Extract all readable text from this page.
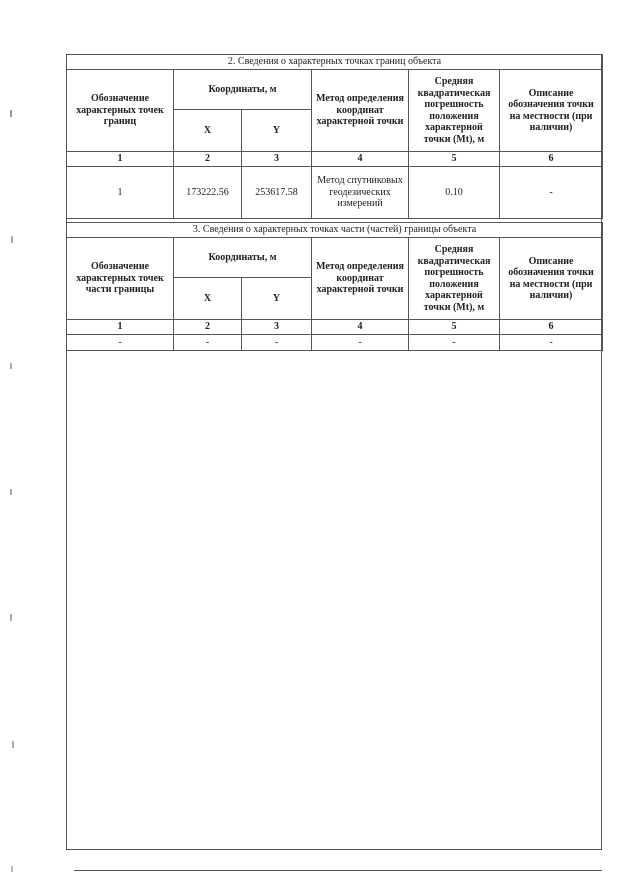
2. Сведения о характерных точках границ объекта					
Обозначение характерных точек границ	Координаты, м		Метод определения координат характерной точки	Средняя квадратическая погрешность положения характерной точки (Mt), м	Описание обозначения точки на местности (при наличии)
	X	Y			
1	2	3	4	5	6
1	173222.56	253617.58	Метод спутниковых геодезических измерений	0.10	-
3. Сведения о характерных точках части (частей) границы объекта					
Обозначение характерных точек части границы	Координаты, м		Метод определения координат характерной точки	Средняя квадратическая погрешность положения характерной точки (Mt), м	Описание обозначения точки на местности (при наличии)
	X	Y			
1	2	3	4	5	6
-	-	-	-	-	-
